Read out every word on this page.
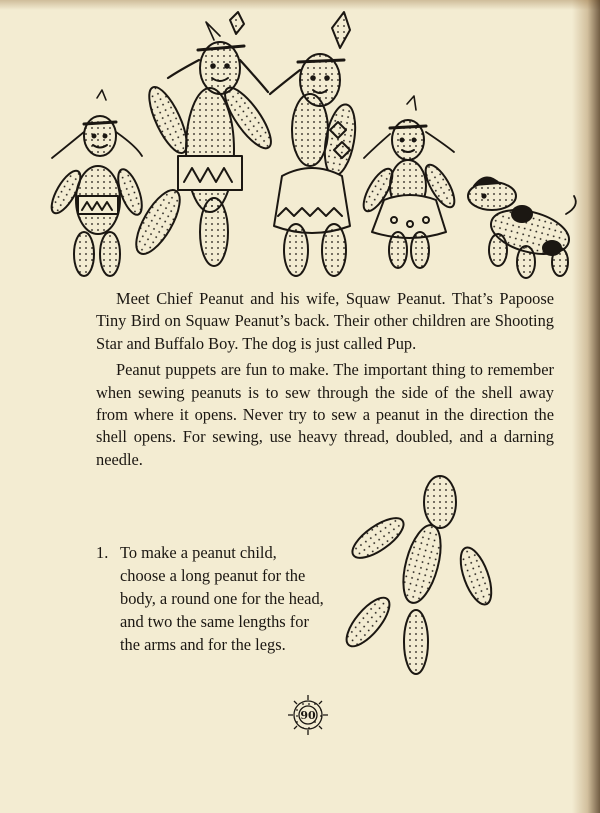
Meet Chief Peanut and his wife, Squaw Peanut. That’s Papoose Tiny Bird on Squaw Peanut’s back. Their other children are Shooting Star and Buffalo Boy. The dog is just called Pup.

Peanut puppets are fun to make. The important thing to remember when sewing peanuts is to sew through the side of the shell away from where it opens. Never try to sew a peanut in the direction the shell opens. For sewing, use heavy thread, doubled, and a darning needle.

1. To make a peanut child, choose a long peanut for the body, a round one for the head, and two the same lengths for the arms and for the legs.
90
